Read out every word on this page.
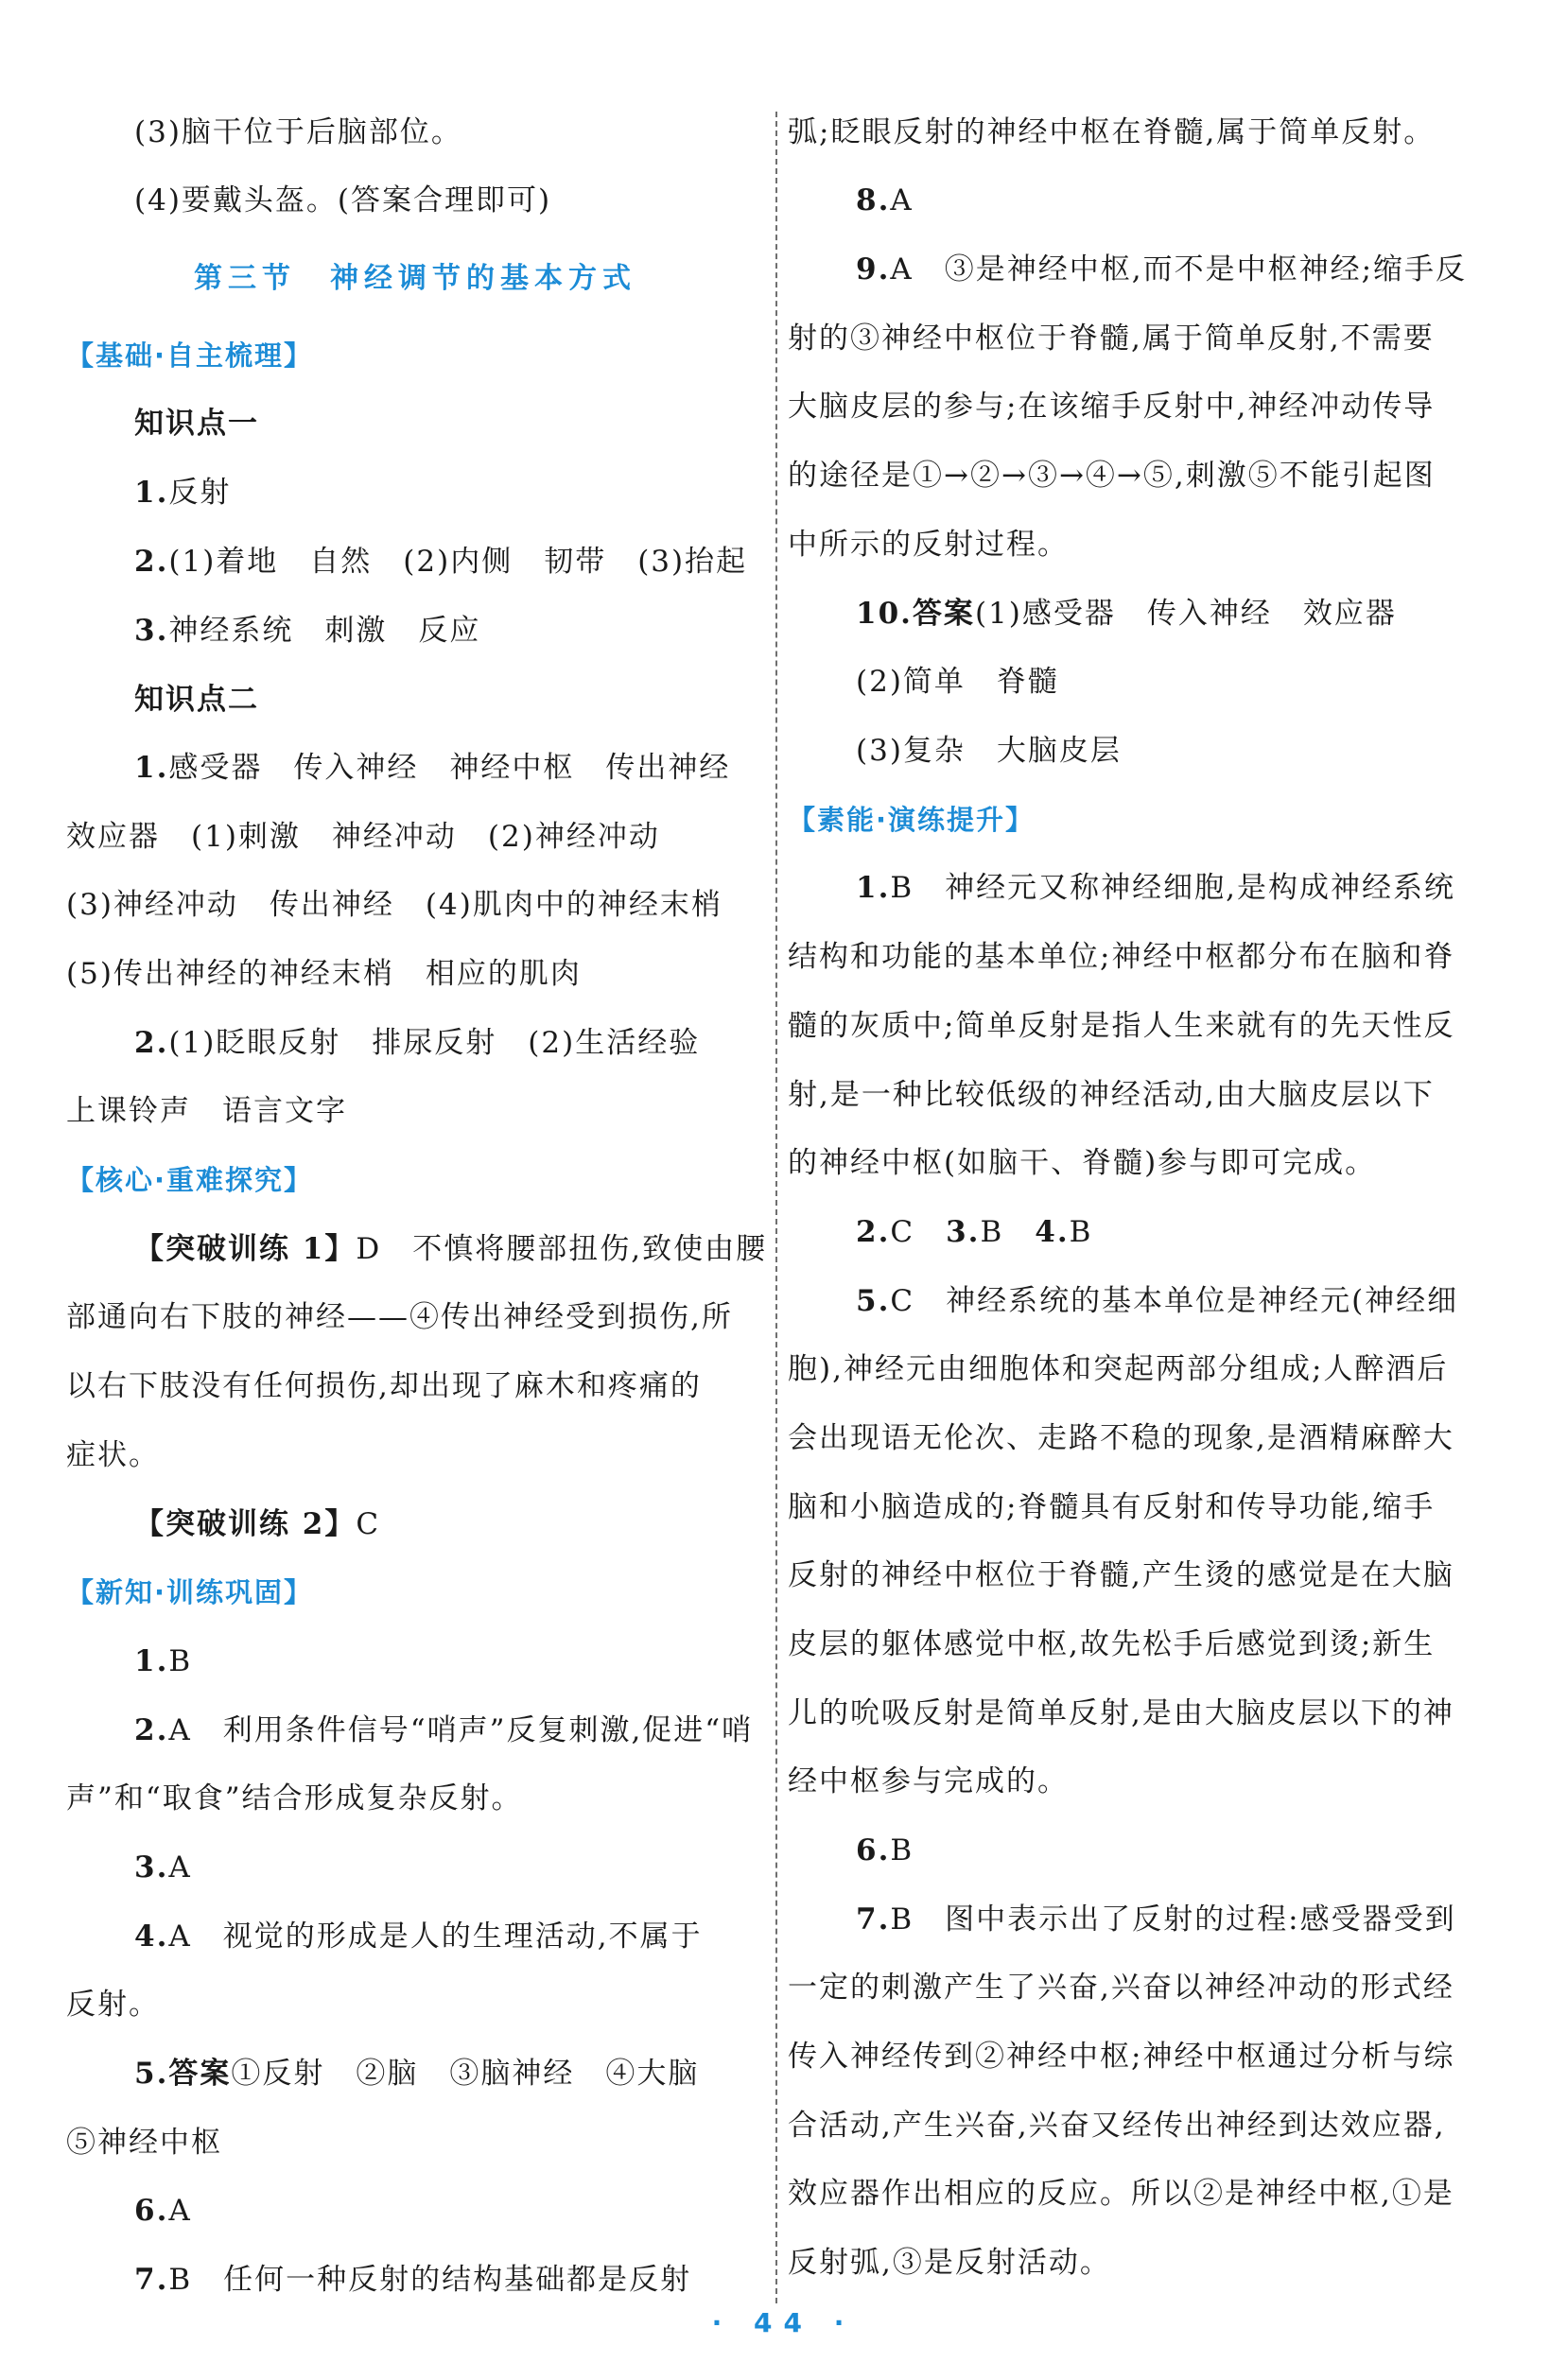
(3)脑干位于后脑部位。
(4)要戴头盔。(答案合理即可)
第三节　神经调节的基本方式
【基础·自主梳理】
知识点一
1.反射
2.(1)着地　自然　(2)内侧　韧带　(3)抬起
3.神经系统　刺激　反应
知识点二
1.感受器　传入神经　神经中枢　传出神经
效应器　(1)刺激　神经冲动　(2)神经冲动
(3)神经冲动　传出神经　(4)肌肉中的神经末梢
(5)传出神经的神经末梢　相应的肌肉
2.(1)眨眼反射　排尿反射　(2)生活经验
上课铃声　语言文字
【核心·重难探究】
【突破训练 1】D　不慎将腰部扭伤,致使由腰
部通向右下肢的神经——④传出神经受到损伤,所
以右下肢没有任何损伤,却出现了麻木和疼痛的
症状。
【突破训练 2】C
【新知·训练巩固】
1.B
2.A　利用条件信号“哨声”反复刺激,促进“哨
声”和“取食”结合形成复杂反射。
3.A
4.A　视觉的形成是人的生理活动,不属于
反射。
5.答案①反射　②脑　③脑神经　④大脑
⑤神经中枢
6.A
7.B　任何一种反射的结构基础都是反射
弧;眨眼反射的神经中枢在脊髓,属于简单反射。
8.A
9.A　③是神经中枢,而不是中枢神经;缩手反
射的③神经中枢位于脊髓,属于简单反射,不需要
大脑皮层的参与;在该缩手反射中,神经冲动传导
的途径是①→②→③→④→⑤,刺激⑤不能引起图
中所示的反射过程。
10.答案(1)感受器　传入神经　效应器
(2)简单　脊髓
(3)复杂　大脑皮层
【素能·演练提升】
1.B　神经元又称神经细胞,是构成神经系统
结构和功能的基本单位;神经中枢都分布在脑和脊
髓的灰质中;简单反射是指人生来就有的先天性反
射,是一种比较低级的神经活动,由大脑皮层以下
的神经中枢(如脑干、脊髓)参与即可完成。
2.C　 3.B　 4.B
5.C　神经系统的基本单位是神经元(神经细
胞),神经元由细胞体和突起两部分组成;人醉酒后
会出现语无伦次、走路不稳的现象,是酒精麻醉大
脑和小脑造成的;脊髓具有反射和传导功能,缩手
反射的神经中枢位于脊髓,产生烫的感觉是在大脑
皮层的躯体感觉中枢,故先松手后感觉到烫;新生
儿的吮吸反射是简单反射,是由大脑皮层以下的神
经中枢参与完成的。
6.B
7.B　图中表示出了反射的过程:感受器受到
一定的刺激产生了兴奋,兴奋以神经冲动的形式经
传入神经传到②神经中枢;神经中枢通过分析与综
合活动,产生兴奋,兴奋又经传出神经到达效应器,
效应器作出相应的反应。所以②是神经中枢,①是
反射弧,③是反射活动。
· 44 ·
